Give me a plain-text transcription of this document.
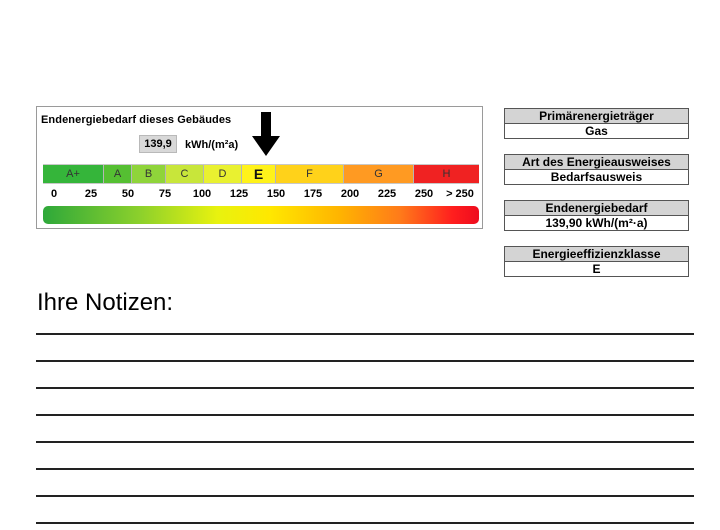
Endenergiebedarf dieses Gebäudes
139,9	kWh/(m²a)
A+	A	B	C	D	E	F	G	H
0	25 50 75 100 125 150 175 200 225 250 > 250
Primärenergieträger
Gas
Art des Energieausweises
Bedarfsausweis
Endenergiebedarf
139,90 kWh/(m²·a)
Energieeffizienzklasse
E
Ihre Notizen:
